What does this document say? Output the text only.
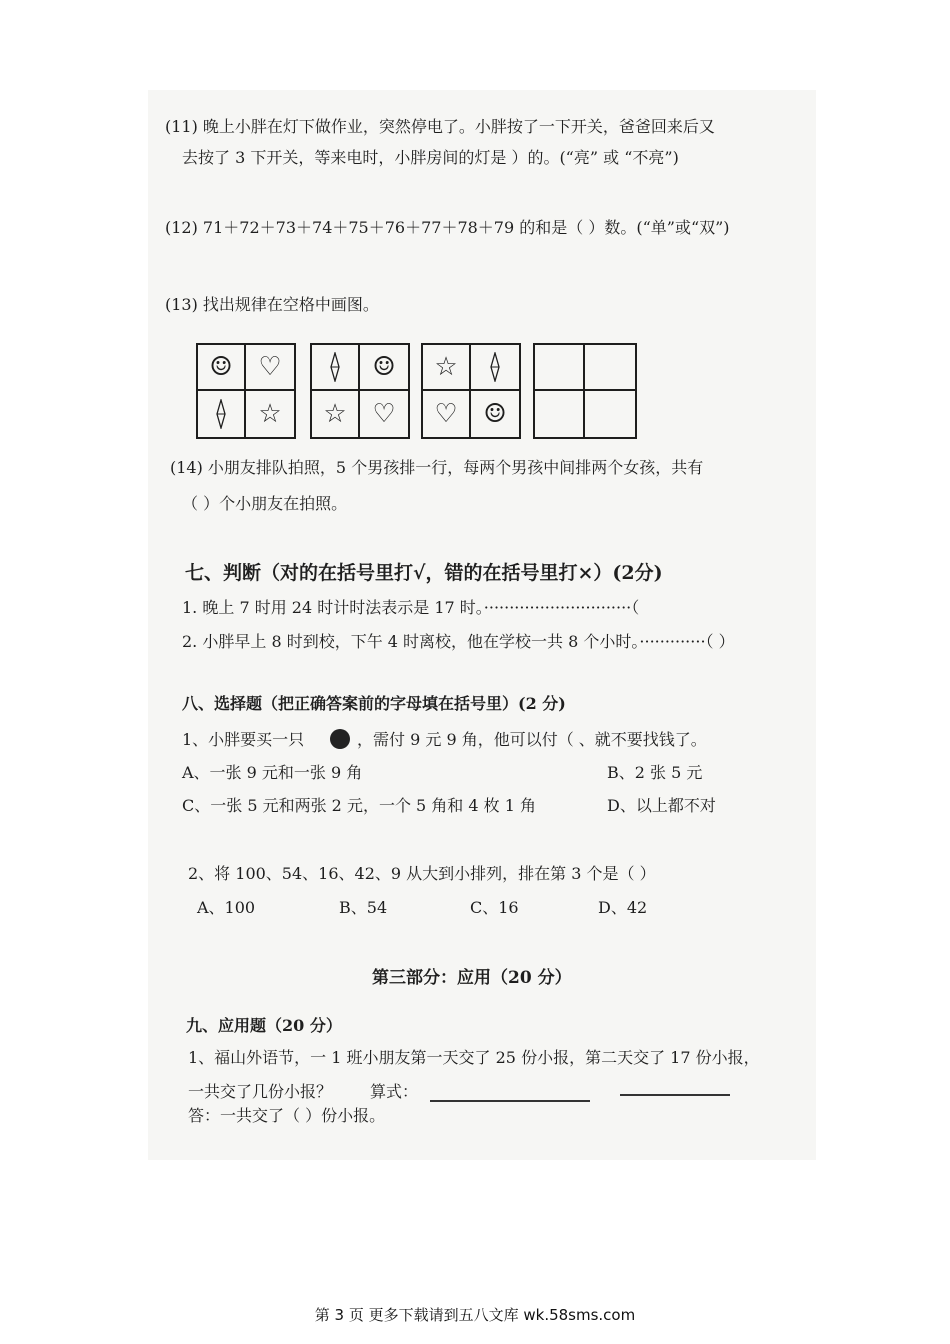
(11) 晚上小胖在灯下做作业，突然停电了。小胖按了一下开关，爸爸回来后又
去按了 3 下开关，等来电时，小胖房间的灯是 ）的。(“亮” 或 “不亮”)
(12) 71＋72＋73＋74＋75＋76＋77＋78＋79 的和是（ ）数。(“单”或“双”)
(13) 找出规律在空格中画图。
☺ ♡
☆
☺
☆ ♡
☆
♡ ☺
(14) 小朋友排队拍照，5 个男孩排一行，每两个男孩中间排两个女孩，共有
（ ）个小朋友在拍照。
七、判断（对的在括号里打√，错的在括号里打×）(2分)
1. 晚上 7 时用 24 时计时法表示是 17 时。·····························（
2. 小胖早上 8 时到校，下午 4 时离校，他在学校一共 8 个小时。·············（ ）
八、选择题（把正确答案前的字母填在括号里）(2 分)
1、小胖要买一只	，需付 9 元 9 角，他可以付（ 、就不要找钱了。
A、一张 9 元和一张 9 角	B、2 张 5 元
C、一张 5 元和两张 2 元，一个 5 角和 4 枚 1 角	D、以上都不对
2、将 100、54、16、42、9 从大到小排列，排在第 3 个是（ ）
A、100	B、54	C、16	D、42
第三部分：应用（20 分）
九、应用题（20 分）
1、福山外语节，一 1 班小朋友第一天交了 25 份小报，第二天交了 17 份小报，
一共交了几份小报？ 算式：
答：一共交了（ ）份小报。
第 3 页 更多下载请到五八文库 wk.58sms.com
